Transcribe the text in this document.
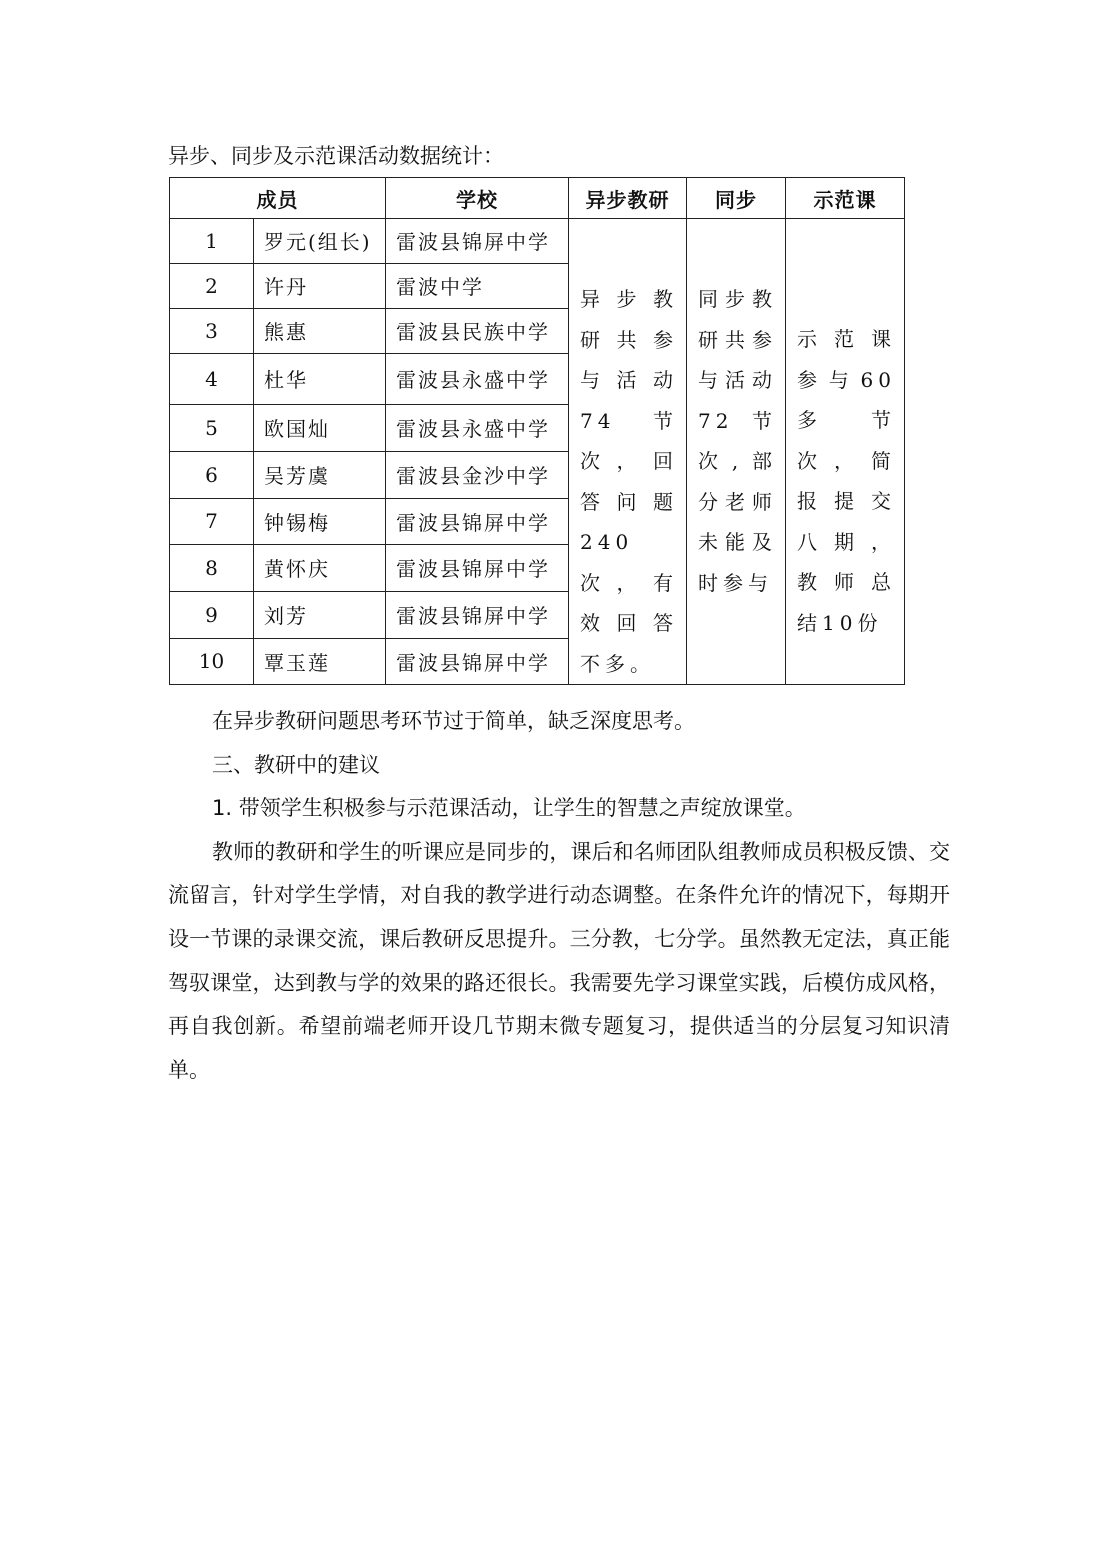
异步、同步及示范课活动数据统计：
成员		学校	异步教研	同步	示范课
1	罗元(组长)	雷波县锦屏中学	异步教研共参与活动 74 节次，回答问题 240 次，有效回答不多。	同步教研共参与活动 72 节次,部分老师未能及时参与	示范课参与60多节次，简报提交八期，教师总结10份
2	许丹	雷波中学			
3	熊惠	雷波县民族中学			
4	杜华	雷波县永盛中学			
5	欧国灿	雷波县永盛中学			
6	吴芳虞	雷波县金沙中学			
7	钟锡梅	雷波县锦屏中学			
8	黄怀庆	雷波县锦屏中学			
9	刘芳	雷波县锦屏中学			
10	覃玉莲	雷波县锦屏中学			

在异步教研问题思考环节过于简单，缺乏深度思考。

三、教研中的建议

1. 带领学生积极参与示范课活动，让学生的智慧之声绽放课堂。

教师的教研和学生的听课应是同步的，课后和名师团队组教师成员积极反馈、交流留言，针对学生学情，对自我的教学进行动态调整。在条件允许的情况下，每期开设一节课的录课交流，课后教研反思提升。三分教，七分学。虽然教无定法，真正能驾驭课堂，达到教与学的效果的路还很长。我需要先学习课堂实践，后模仿成风格，再自我创新。希望前端老师开设几节期末微专题复习，提供适当的分层复习知识清单。
